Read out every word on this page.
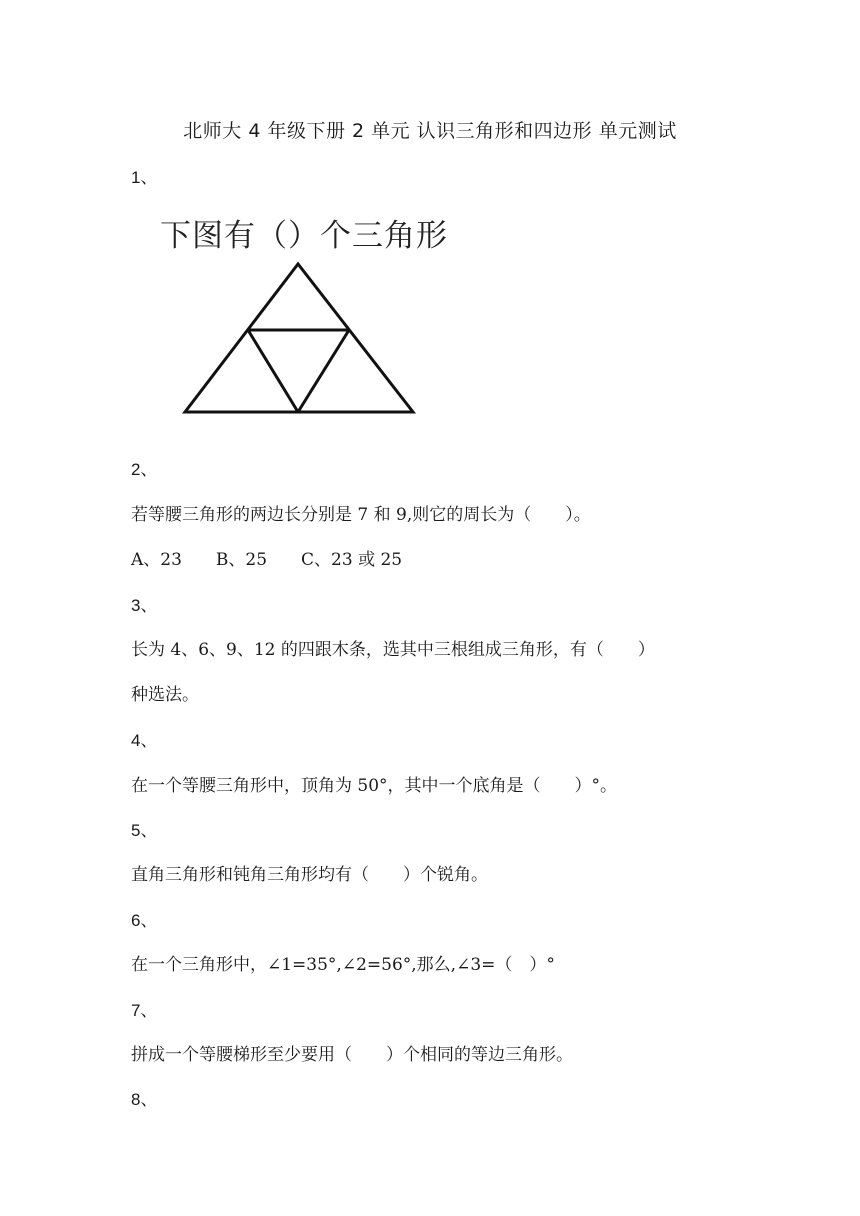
北师大 4 年级下册 2 单元 认识三角形和四边形 单元测试
1、
下图有（）个三角形
2、
若等腰三角形的两边长分别是 7 和 9,则它的周长为（　　）。
A、23　　B、25　　C、23 或 25
3、
长为 4、6、9、12 的四跟木条，选其中三根组成三角形，有（　　）
种选法。
4、
在一个等腰三角形中，顶角为 50°，其中一个底角是（　　）°。
5、
直角三角形和钝角三角形均有（　　）个锐角。
6、
在一个三角形中，∠1=35°,∠2=56°,那么,∠3=（　）°
7、
拼成一个等腰梯形至少要用（　　）个相同的等边三角形。
8、
